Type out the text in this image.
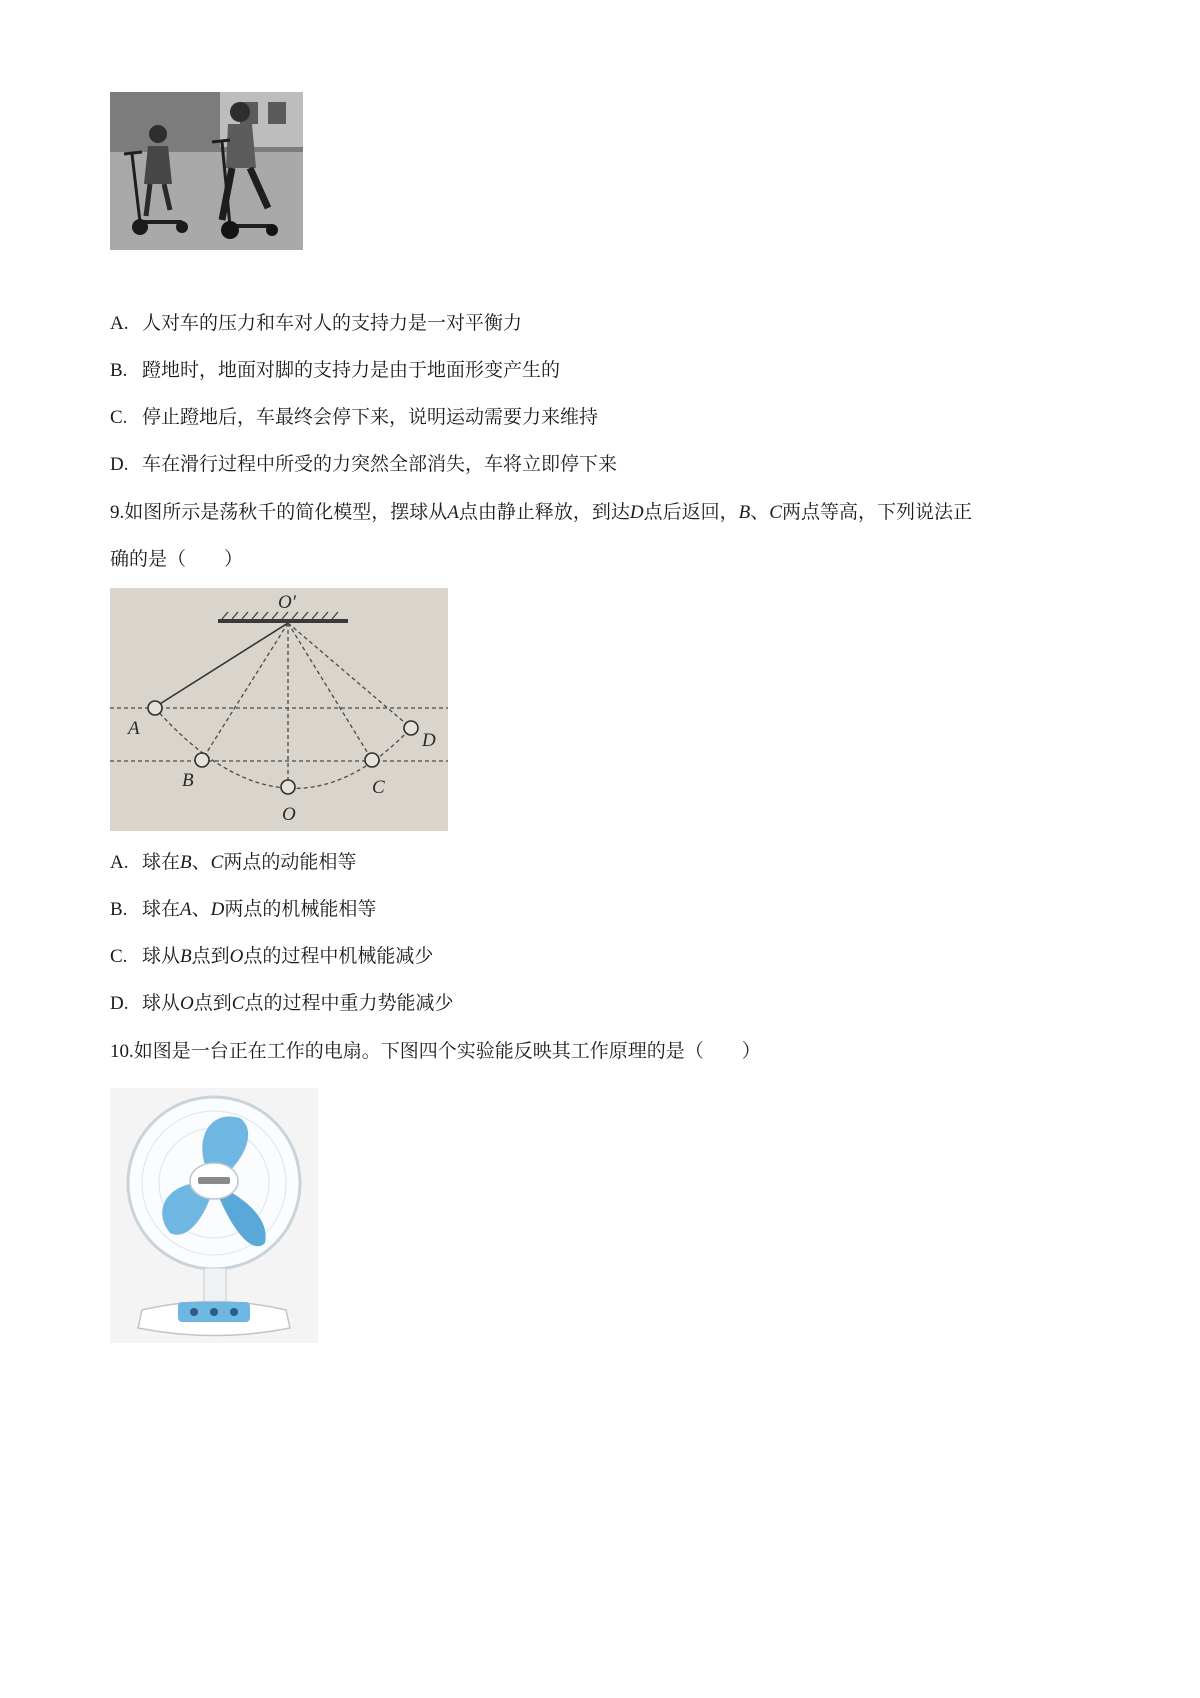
A. 人对车的压力和车对人的支持力是一对平衡力
B. 蹬地时，地面对脚的支持力是由于地面形变产生的
C. 停止蹬地后，车最终会停下来，说明运动需要力来维持
D. 车在滑行过程中所受的力突然全部消失，车将立即停下来
9.如图所示是荡秋千的简化模型，摆球从A点由静止释放，到达D点后返回，B、C两点等高，下列说法正
确的是（　　）
O′
A
B
O
C
D
A. 球在B、C两点的动能相等
B. 球在A、D两点的机械能相等
C. 球从B点到O点的过程中机械能减少
D. 球从O点到C点的过程中重力势能减少
10.如图是一台正在工作的电扇。下图四个实验能反映其工作原理的是（　　）
